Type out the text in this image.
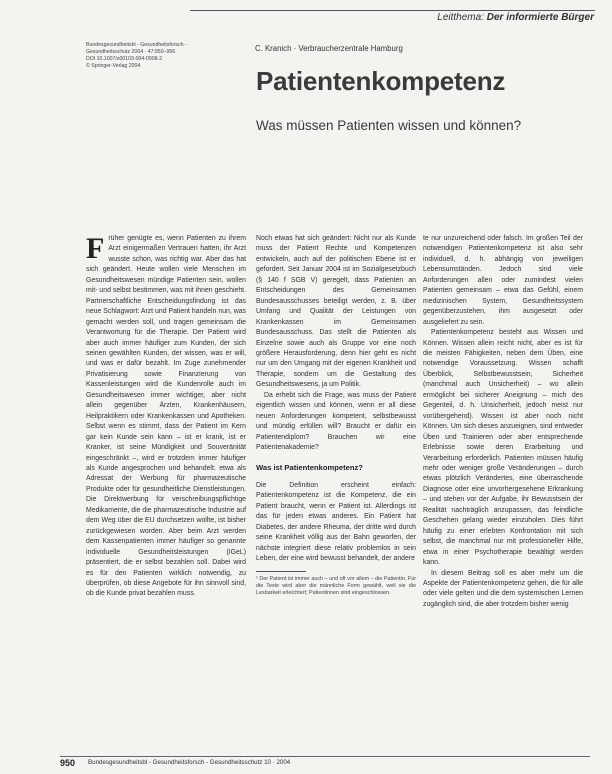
Leitthema: Der informierte Bürger
Bundesgesundheitsbl - Gesundheitsforsch -
Gesundheitsschutz 2004 · 47:950–956
DOI 10.1007/s00103-004-0908-2
© Springer-Verlag 2004
C. Kranich · Verbraucherzentrale Hamburg
Patientenkompetenz
Was müssen Patienten wissen und können?

Früher genügte es, wenn Patienten zu ihrem Arzt einigermaßen Vertrauen hatten, ihr Arzt wusste schon, was richtig war. Aber das hat sich geändert. Heute wollen viele Menschen im Gesundheitswesen mündige Patienten sein, wollen mit- und selbst bestimmen, was mit ihnen geschieht. Partnerschaftliche Entscheidungsfindung ist das neue Schlagwort: Arzt und Patient handeln nun, was gemacht werden soll, und tragen gemeinsam die Verantwortung für die Therapie. Der Patient wird aber auch immer häufiger zum Kunden, der sich seinen gewählten Kunden, der wissen, was er will, und was er dafür bezahlt. Im Zuge zunehmender Privatisierung sowie Finanzierung von Kassenleistungen wird die Kundenrolle auch im Gesundheitswesen immer wichtiger, aber nicht allein gegenüber Ärzten, Krankenhäusern, Heilpraktikern oder Krankenkassen und Apotheken. Selbst wenn es stimmt, dass der Patient im Kern gar kein Kunde sein kann – ist er krank, ist er Kranker, ist seine Mündigkeit und Souveränität eingeschränkt –, wird er trotzdem immer häufiger als Kunde angesprochen und behandelt: etwa als Adressat der Werbung für pharmazeutische Produkte oder für gesundheitliche Dienstleistungen. Die Direktwerbung für verschreibungspflichtige Medikamente, die die pharmazeutische Industrie auf dem Weg über die EU durchsetzen wollte, ist bisher zurückgewiesen worden. Aber beim Arzt werden dem Kassenpatienten immer häufiger so genannte individuelle Gesundheitsleistungen (IGeL) präsentiert, die er selbst bezahlen soll. Dabei wird es für den Patienten wirklich notwendig, zu überprüfen, ob diese Angebote für ihn sinnvoll sind, ob die Kunde privat bezahlen muss.

Noch etwas hat sich geändert: Nicht nur als Kunde muss der Patient Rechte und Kompetenzen entwickeln, auch auf der politischen Ebene ist er gefordert. Seit Januar 2004 ist im Sozialgesetzbuch (§ 140 f SGB V) geregelt, dass Patienten an Entscheidungen des Gemeinsamen Bundesausschusses beteiligt werden, z. B. über Umfang und Qualität der Leistungen von Krankenkassen im Gemeinsamen Bundesausschuss. Das stellt die Patienten als Einzelne sowie auch als Gruppe vor eine noch größere Herausforderung, denn hier geht es nicht nur um den Umgang mit der eigenen Krankheit und Therapie, sondern um die Gestaltung des Gesundheitswesens, ja um Politik.

Da erhebt sich die Frage, was muss der Patient eigentlich wissen und können, wenn er all diese neuen Anforderungen kompetent, selbstbewusst und mündig erfüllen will? Braucht er dafür ein Patientendiplom? Brauchen wir eine Patientenakademie?

Was ist Patientenkompetenz?

Die Definition erscheint einfach: Patientenkompetenz ist die Kompetenz, die ein Patient braucht, wenn er Patient ist. Allerdings ist das für jeden etwas anderes. Ein Patient hat Diabetes, der andere Rheuma, der dritte wird durch seine Krankheit völlig aus der Bahn geworfen, der nächste integriert diese relativ problemlos in sein Leben, der eine wird bewusst behandelt, der andere

¹ Der Patient ist immer auch – und oft vor allem – die Patientin. Für die Texte wird aber die männliche Form gewählt, weil sie die Lesbarkeit erleichtert; Patientinnen sind eingeschlossen.

te nur unzureichend oder falsch. Im großen Teil der notwendigen Patientenkompetenz ist also sehr individuell, d. h. abhängig von jeweiligen Lebensumständen. Jedoch sind viele Anforderungen allen oder zumindest vielen Patienten gemeinsam – etwa das Gefühl, einem medizinischen System, Gesundheitssystem gegenüberzustehen, ihm ausgesetzt oder ausgeliefert zu sein.

Patientenkompetenz besteht aus Wissen und Können. Wissen allein reicht nicht, aber es ist für die meisten Fähigkeiten, neben dem Üben, eine notwendige Voraussetzung. Wissen schafft Überblick, Selbstbewusstsein, Sicherheit (manchmal auch Unsicherheit) – wo allein ermöglicht bei sicherer Aneignung – mich des Gegenteil, d. h. Unsicherheit, jedoch meist nur vorübergehend). Wissen ist aber noch nicht Können. Um sich dieses anzueignen, sind entweder Üben und Trainieren oder aber entsprechende Erlebnisse sowie deren Erarbeitung und Verarbeitung erforderlich. Patienten müssen häufig mehr oder weniger große Veränderungen – durch etwas plötzlich Verändertes, eine überraschende Diagnose oder eine unvorhergesehene Erkrankung – und stehen vor der Aufgabe, ihr Bewusstsein der Realität nachträglich anzupassen, das feindliche Geschehen gelang wieder einzuholen. Dies führt häufig zu einer erlebten Konfrontation mit sich selbst, die manchmal nur mit professioneller Hilfe, etwa in einer Psychotherapie bewältigt werden kann.

In diesem Beitrag soll es aber mehr um die Aspekte der Patientenkompetenz gehen, die für alle oder viele gelten und die dem systemischen Lernen zugänglich sind, die aber trotzdem bisher wenig

950 Bundesgesundheitsbl - Gesundheitsforsch - Gesundheitsschutz 10 · 2004
